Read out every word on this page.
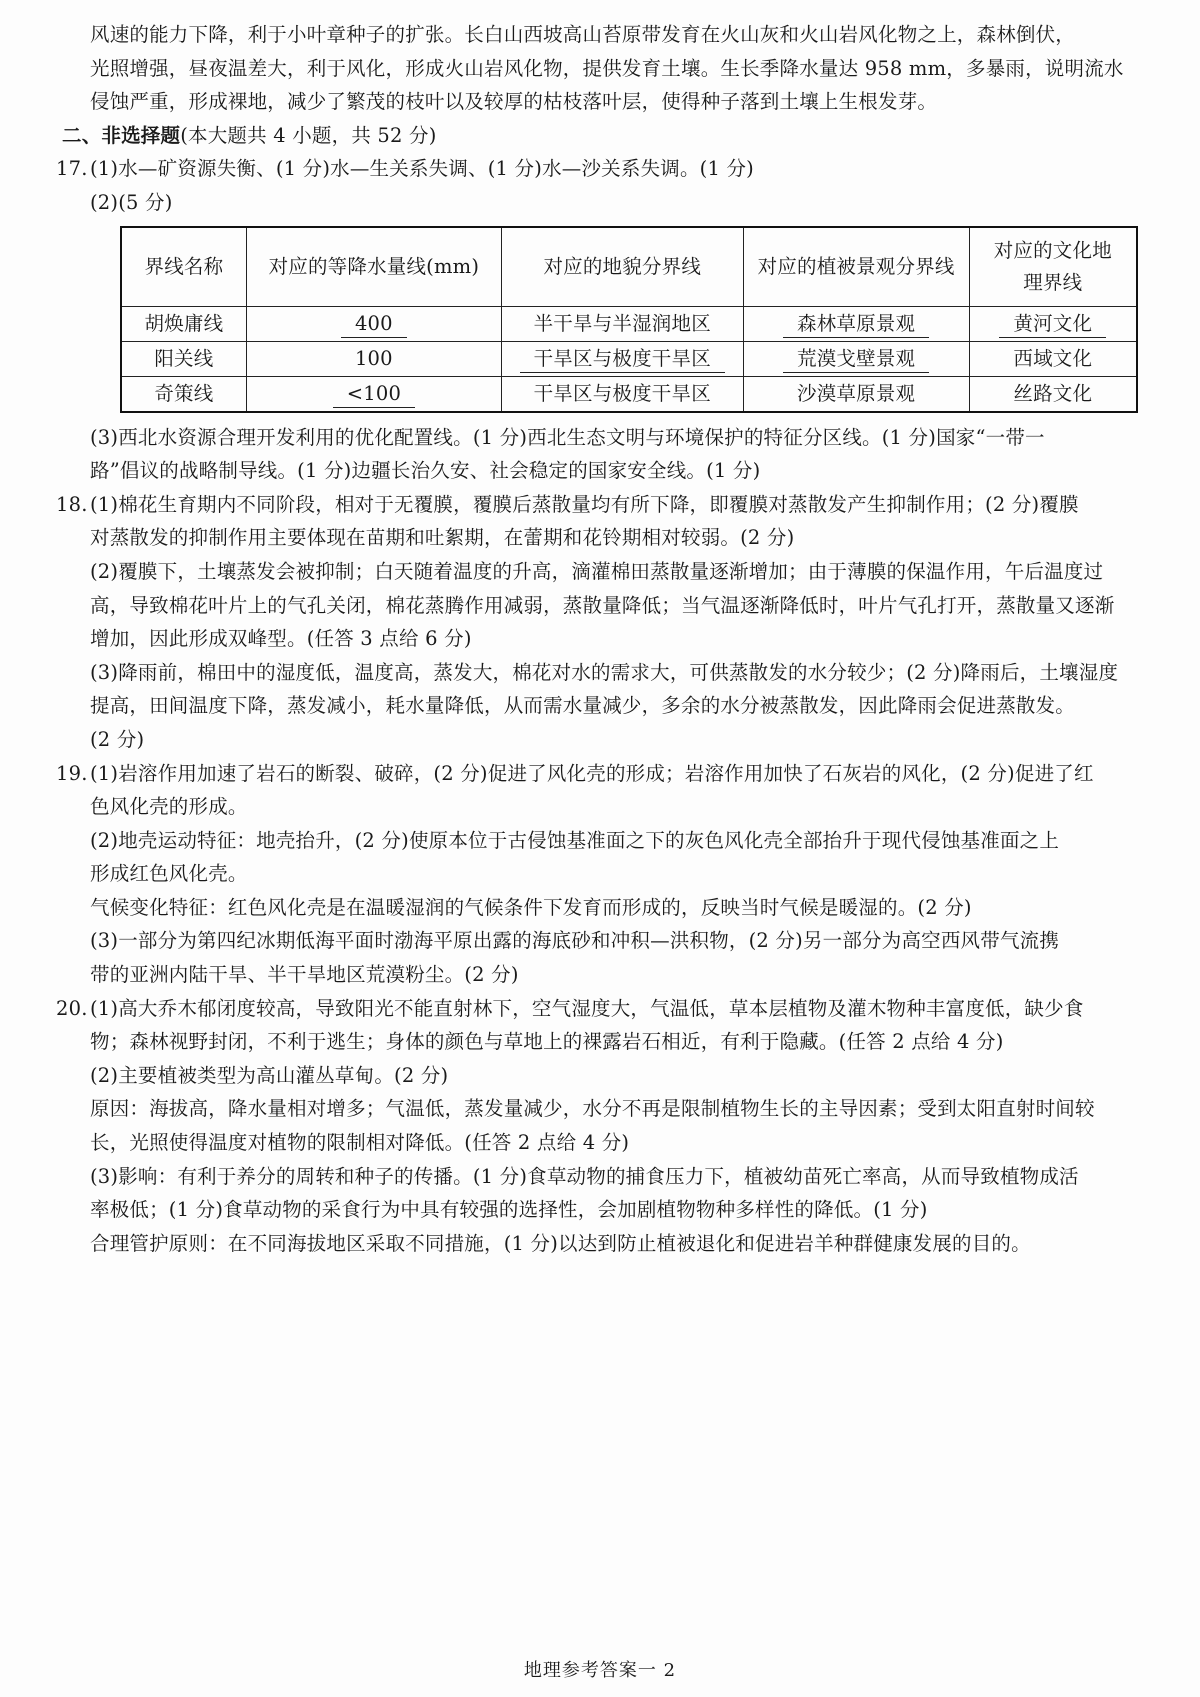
风速的能力下降，利于小叶章种子的扩张。长白山西坡高山苔原带发育在火山灰和火山岩风化物之上，森林倒伏，
光照增强，昼夜温差大，利于风化，形成火山岩风化物，提供发育土壤。生长季降水量达 958 mm，多暴雨，说明流水
侵蚀严重，形成裸地，减少了繁茂的枝叶以及较厚的枯枝落叶层，使得种子落到土壤上生根发芽。
二、非选择题(本大题共 4 小题，共 52 分)
17. (1)水—矿资源失衡、(1 分)水—生关系失调、(1 分)水—沙关系失调。(1 分)
(2)(5 分)
界线名称	对应的等降水量线(mm)	对应的地貌分界线	对应的植被景观分界线	对应的文化地理界线
胡焕庸线	400	半干旱与半湿润地区	森林草原景观	黄河文化
阳关线	100	干旱区与极度干旱区	荒漠戈壁景观	西域文化
奇策线	<100	干旱区与极度干旱区	沙漠草原景观	丝路文化
(3)西北水资源合理开发利用的优化配置线。(1 分)西北生态文明与环境保护的特征分区线。(1 分)国家“一带一
路”倡议的战略制导线。(1 分)边疆长治久安、社会稳定的国家安全线。(1 分)
18. (1)棉花生育期内不同阶段，相对于无覆膜，覆膜后蒸散量均有所下降，即覆膜对蒸散发产生抑制作用；(2 分)覆膜
对蒸散发的抑制作用主要体现在苗期和吐絮期，在蕾期和花铃期相对较弱。(2 分)
(2)覆膜下，土壤蒸发会被抑制；白天随着温度的升高，滴灌棉田蒸散量逐渐增加；由于薄膜的保温作用，午后温度过
高，导致棉花叶片上的气孔关闭，棉花蒸腾作用减弱，蒸散量降低；当气温逐渐降低时，叶片气孔打开，蒸散量又逐渐
增加，因此形成双峰型。(任答 3 点给 6 分)
(3)降雨前，棉田中的湿度低，温度高，蒸发大，棉花对水的需求大，可供蒸散发的水分较少；(2 分)降雨后，土壤湿度
提高，田间温度下降，蒸发减小，耗水量降低，从而需水量减少，多余的水分被蒸散发，因此降雨会促进蒸散发。
(2 分)
19. (1)岩溶作用加速了岩石的断裂、破碎，(2 分)促进了风化壳的形成；岩溶作用加快了石灰岩的风化，(2 分)促进了红
色风化壳的形成。
(2)地壳运动特征：地壳抬升，(2 分)使原本位于古侵蚀基准面之下的灰色风化壳全部抬升于现代侵蚀基准面之上
形成红色风化壳。
气候变化特征：红色风化壳是在温暖湿润的气候条件下发育而形成的，反映当时气候是暖湿的。(2 分)
(3)一部分为第四纪冰期低海平面时渤海平原出露的海底砂和冲积—洪积物，(2 分)另一部分为高空西风带气流携
带的亚洲内陆干旱、半干旱地区荒漠粉尘。(2 分)
20. (1)高大乔木郁闭度较高，导致阳光不能直射林下，空气湿度大，气温低，草本层植物及灌木物种丰富度低，缺少食
物；森林视野封闭，不利于逃生；身体的颜色与草地上的裸露岩石相近，有利于隐藏。(任答 2 点给 4 分)
(2)主要植被类型为高山灌丛草甸。(2 分)
原因：海拔高，降水量相对增多；气温低，蒸发量减少，水分不再是限制植物生长的主导因素；受到太阳直射时间较
长，光照使得温度对植物的限制相对降低。(任答 2 点给 4 分)
(3)影响：有利于养分的周转和种子的传播。(1 分)食草动物的捕食压力下，植被幼苗死亡率高，从而导致植物成活
率极低；(1 分)食草动物的采食行为中具有较强的选择性，会加剧植物物种多样性的降低。(1 分)
合理管护原则：在不同海拔地区采取不同措施，(1 分)以达到防止植被退化和促进岩羊种群健康发展的目的。
地理参考答案一 2
